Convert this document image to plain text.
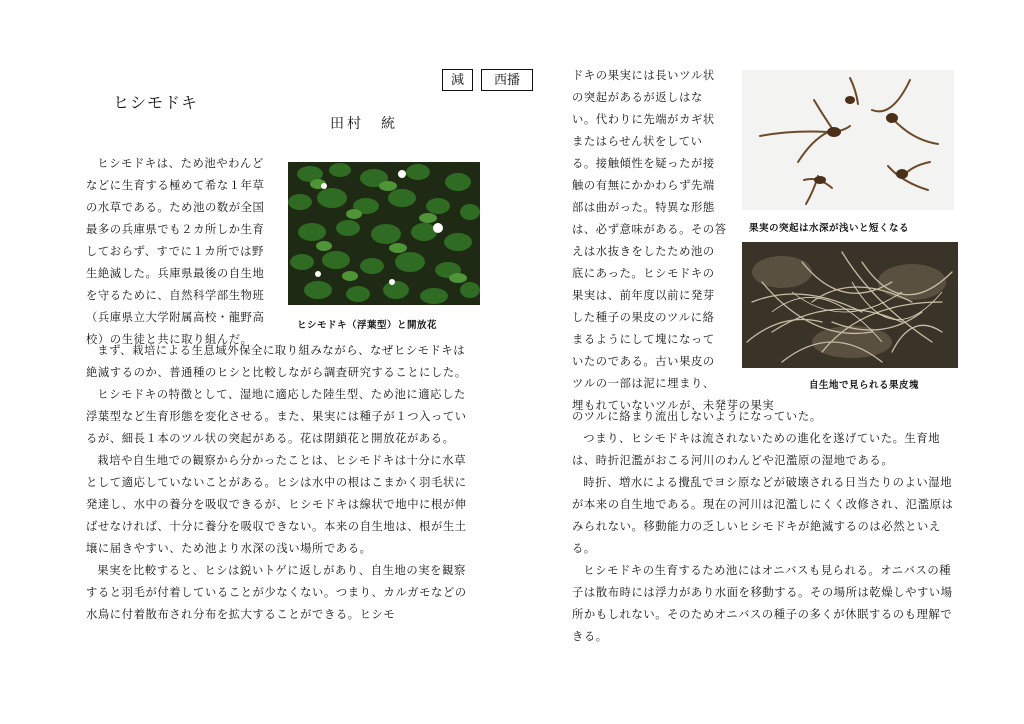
減	西播
ヒシモドキ
田村　統
ヒシモドキは、ため池やわんど
などに生育する極めて希な１年草
の水草である。ため池の数が全国
最多の兵庫県でも２カ所しか生育
しておらず、すでに１カ所では野
生絶滅した。兵庫県最後の自生地
を守るために、自然科学部生物班
（兵庫県立大学附属高校・龍野高
校）の生徒と共に取り組んだ。
ヒシモドキ（浮葉型）と開放花

まず、栽培による生息域外保全に取り組みながら、なぜヒシモドキは絶滅するのか、普通種のヒシと比較しながら調査研究することにした。

ヒシモドキの特徴として、湿地に適応した陸生型、ため池に適応した浮葉型など生育形態を変化させる。また、果実には種子が１つ入っているが、細長１本のツル状の突起がある。花は閉鎖花と開放花がある。

栽培や自生地での観察から分かったことは、ヒシモドキは十分に水草として適応していないことがある。ヒシは水中の根はこまかく羽毛状に発達し、水中の養分を吸収できるが、ヒシモドキは線状で地中に根が伸ばせなければ、十分に養分を吸収できない。本来の自生地は、根が生土壌に届きやすい、ため池より水深の浅い場所である。

果実を比較すると、ヒシは鋭いトゲに返しがあり、自生地の実を観察すると羽毛が付着していることが少なくない。つまり、カルガモなどの水鳥に付着散布され分布を拡大することができる。ヒシモ

ドキの果実には長いツル状
の突起があるが返しはな
い。代わりに先端がカギ状
またはらせん状をしてい
る。接触傾性を疑ったが接
触の有無にかかわらず先端
部は曲がった。特異な形態
は、必ず意味がある。その答
えは水抜きをしたため池の
底にあった。ヒシモドキの
果実は、前年度以前に発芽
した種子の果皮のツルに絡
まるようにして塊になって
いたのである。古い果皮の
ツルの一部は泥に埋まり、
埋もれていないツルが、未発芽の果実
果実の突起は水深が浅いと短くなる
自生地で見られる果皮塊

のツルに絡まり流出しないようになっていた。

つまり、ヒシモドキは流されないための進化を遂げていた。生育地は、時折氾濫がおこる河川のわんどや氾濫原の湿地である。

時折、増水による攪乱でヨシ原などが破壊される日当たりのよい湿地が本来の自生地である。現在の河川は氾濫しにくく改修され、氾濫原はみられない。移動能力の乏しいヒシモドキが絶滅するのは必然といえる。

ヒシモドキの生育するため池にはオニバスも見られる。オニバスの種子は散布時には浮力があり水面を移動する。その場所は乾燥しやすい場所かもしれない。そのためオニバスの種子の多くが休眠するのも理解できる。
